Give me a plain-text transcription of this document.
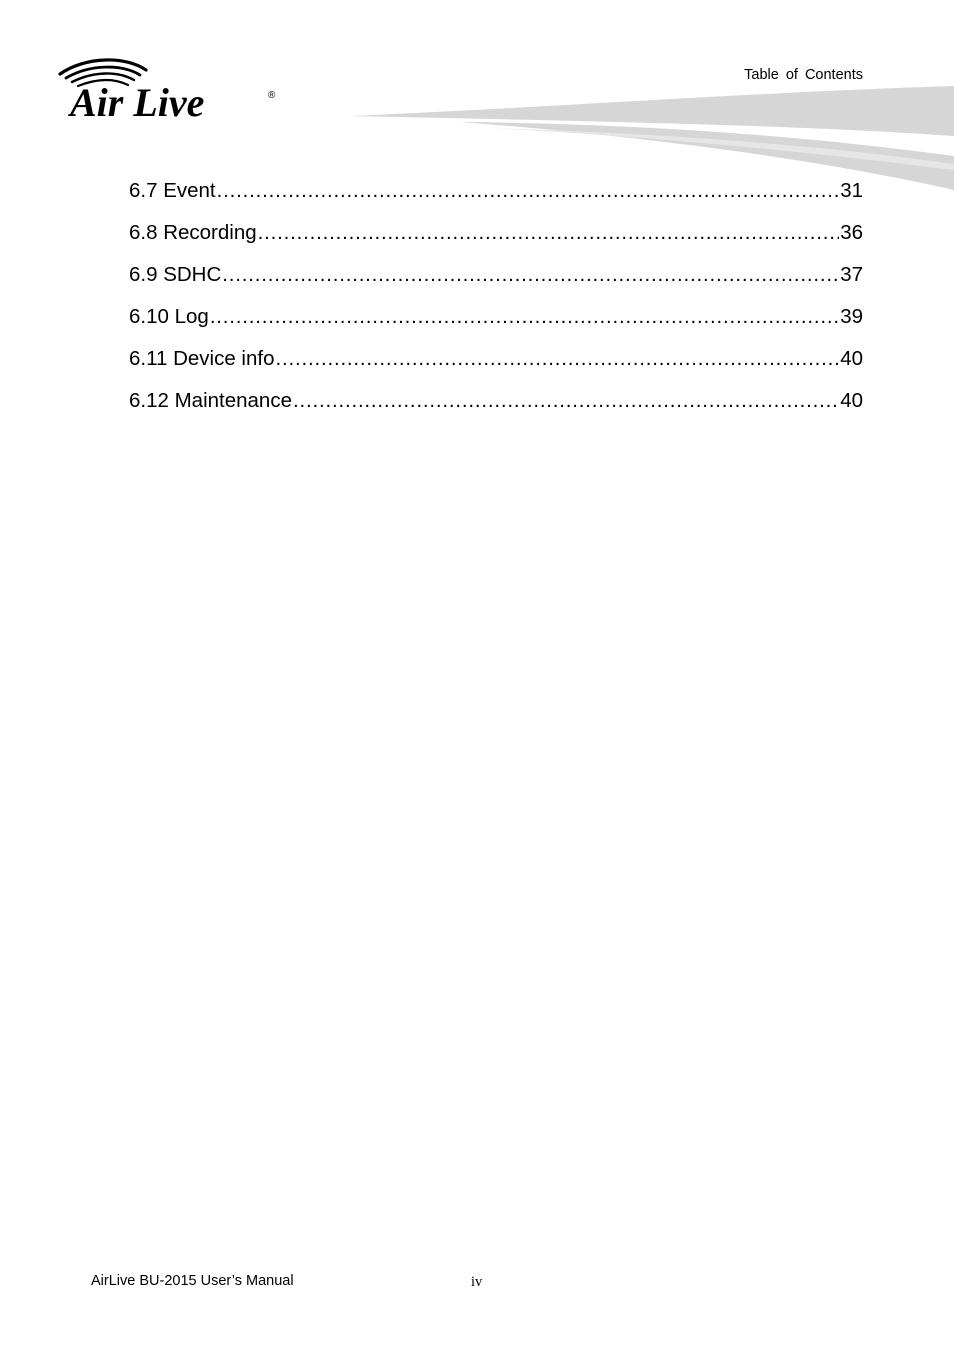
Air Live	®
Table of Contents
6.7 Event .....	31
6.8 Recording .....	36
6.9 SDHC .....	37
6.10 Log .....	39
6.11 Device info .....	40
6.12 Maintenance .....	40
AirLive BU-2015 User’s Manual	iv
